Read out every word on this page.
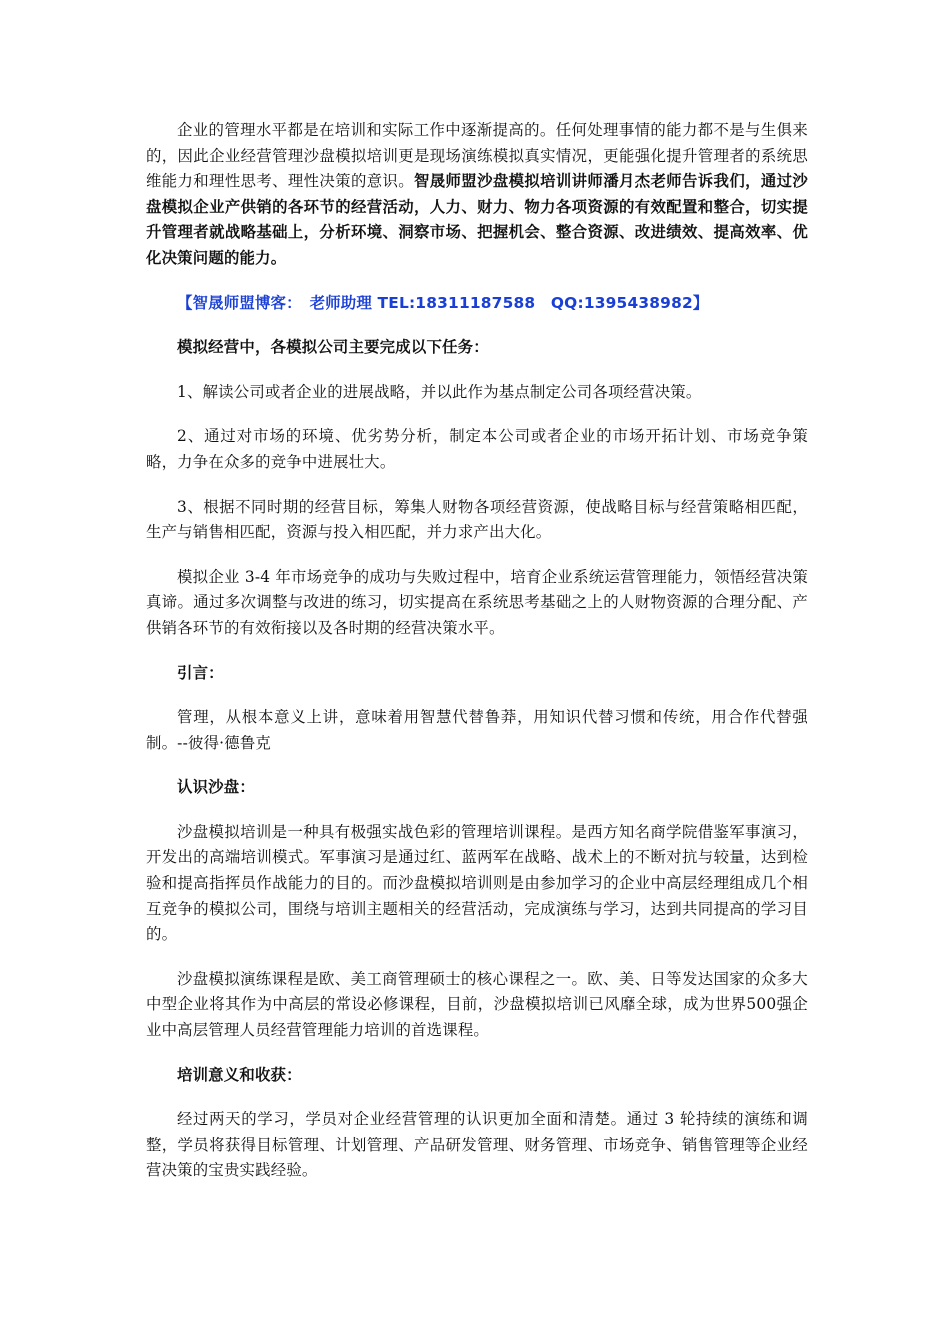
企业的管理水平都是在培训和实际工作中逐渐提高的。任何处理事情的能力都不是与生俱来的，因此企业经营管理沙盘模拟培训更是现场演练模拟真实情况，更能强化提升管理者的系统思维能力和理性思考、理性决策的意识。智晟师盟沙盘模拟培训讲师潘月杰老师告诉我们，通过沙盘模拟企业产供销的各环节的经营活动，人力、财力、物力各项资源的有效配置和整合，切实提升管理者就战略基础上，分析环境、洞察市场、把握机会、整合资源、改进绩效、提高效率、优化决策问题的能力。

【智晟师盟博客：　老师助理 TEL:18311187588　QQ:1395438982】

模拟经营中，各模拟公司主要完成以下任务：

1、解读公司或者企业的进展战略，并以此作为基点制定公司各项经营决策。

2、通过对市场的环境、优劣势分析，制定本公司或者企业的市场开拓计划、市场竞争策略，力争在众多的竞争中进展壮大。

3、根据不同时期的经营目标，筹集人财物各项经营资源，使战略目标与经营策略相匹配，生产与销售相匹配，资源与投入相匹配，并力求产出大化。

模拟企业 3-4 年市场竞争的成功与失败过程中，培育企业系统运营管理能力，领悟经营决策真谛。通过多次调整与改进的练习，切实提高在系统思考基础之上的人财物资源的合理分配、产供销各环节的有效衔接以及各时期的经营决策水平。

引言：

管理，从根本意义上讲，意味着用智慧代替鲁莽，用知识代替习惯和传统，用合作代替强制。--彼得·德鲁克

认识沙盘：

沙盘模拟培训是一种具有极强实战色彩的管理培训课程。是西方知名商学院借鉴军事演习，开发出的高端培训模式。军事演习是通过红、蓝两军在战略、战术上的不断对抗与较量，达到检验和提高指挥员作战能力的目的。而沙盘模拟培训则是由参加学习的企业中高层经理组成几个相互竞争的模拟公司，围绕与培训主题相关的经营活动，完成演练与学习，达到共同提高的学习目的。

沙盘模拟演练课程是欧、美工商管理硕士的核心课程之一。欧、美、日等发达国家的众多大中型企业将其作为中高层的常设必修课程，目前，沙盘模拟培训已风靡全球，成为世界500强企业中高层管理人员经营管理能力培训的首选课程。

培训意义和收获：

经过两天的学习，学员对企业经营管理的认识更加全面和清楚。通过 3 轮持续的演练和调整，学员将获得目标管理、计划管理、产品研发管理、财务管理、市场竞争、销售管理等企业经营决策的宝贵实践经验。
